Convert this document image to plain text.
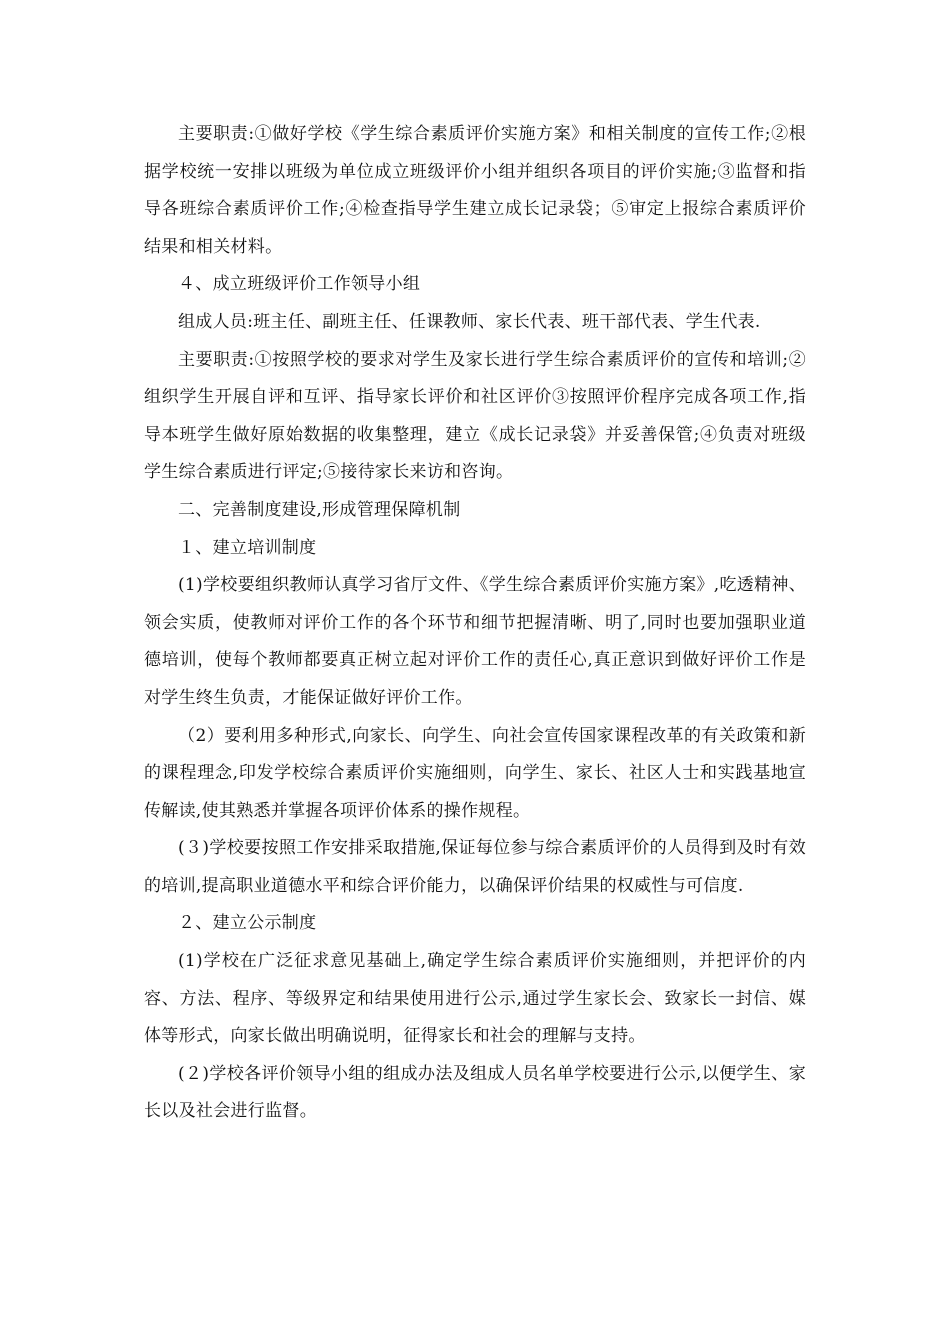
主要职责:①做好学校《学生综合素质评价实施方案》和相关制度的宣传工作;②根据学校统一安排以班级为单位成立班级评价小组并组织各项目的评价实施;③监督和指导各班综合素质评价工作;④检查指导学生建立成长记录袋；⑤审定上报综合素质评价结果和相关材料。

４、成立班级评价工作领导小组

组成人员:班主任、副班主任、任课教师、家长代表、班干部代表、学生代表.

主要职责:①按照学校的要求对学生及家长进行学生综合素质评价的宣传和培训;②组织学生开展自评和互评、指导家长评价和社区评价③按照评价程序完成各项工作,指导本班学生做好原始数据的收集整理，建立《成长记录袋》并妥善保管;④负责对班级学生综合素质进行评定;⑤接待家长来访和咨询。

二、完善制度建设,形成管理保障机制

１、建立培训制度

(1)学校要组织教师认真学习省厅文件、《学生综合素质评价实施方案》,吃透精神、领会实质，使教师对评价工作的各个环节和细节把握清晰、明了,同时也要加强职业道德培训，使每个教师都要真正树立起对评价工作的责任心,真正意识到做好评价工作是对学生终生负责，才能保证做好评价工作。

（2）要利用多种形式,向家长、向学生、向社会宣传国家课程改革的有关政策和新的课程理念,印发学校综合素质评价实施细则，向学生、家长、社区人士和实践基地宣传解读,使其熟悉并掌握各项评价体系的操作规程。

(３)学校要按照工作安排采取措施,保证每位参与综合素质评价的人员得到及时有效的培训,提高职业道德水平和综合评价能力，以确保评价结果的权威性与可信度.

２、建立公示制度

(1)学校在广泛征求意见基础上,确定学生综合素质评价实施细则，并把评价的内容、方法、程序、等级界定和结果使用进行公示,通过学生家长会、致家长一封信、媒体等形式，向家长做出明确说明，征得家长和社会的理解与支持。

(２)学校各评价领导小组的组成办法及组成人员名单学校要进行公示,以便学生、家长以及社会进行监督。
